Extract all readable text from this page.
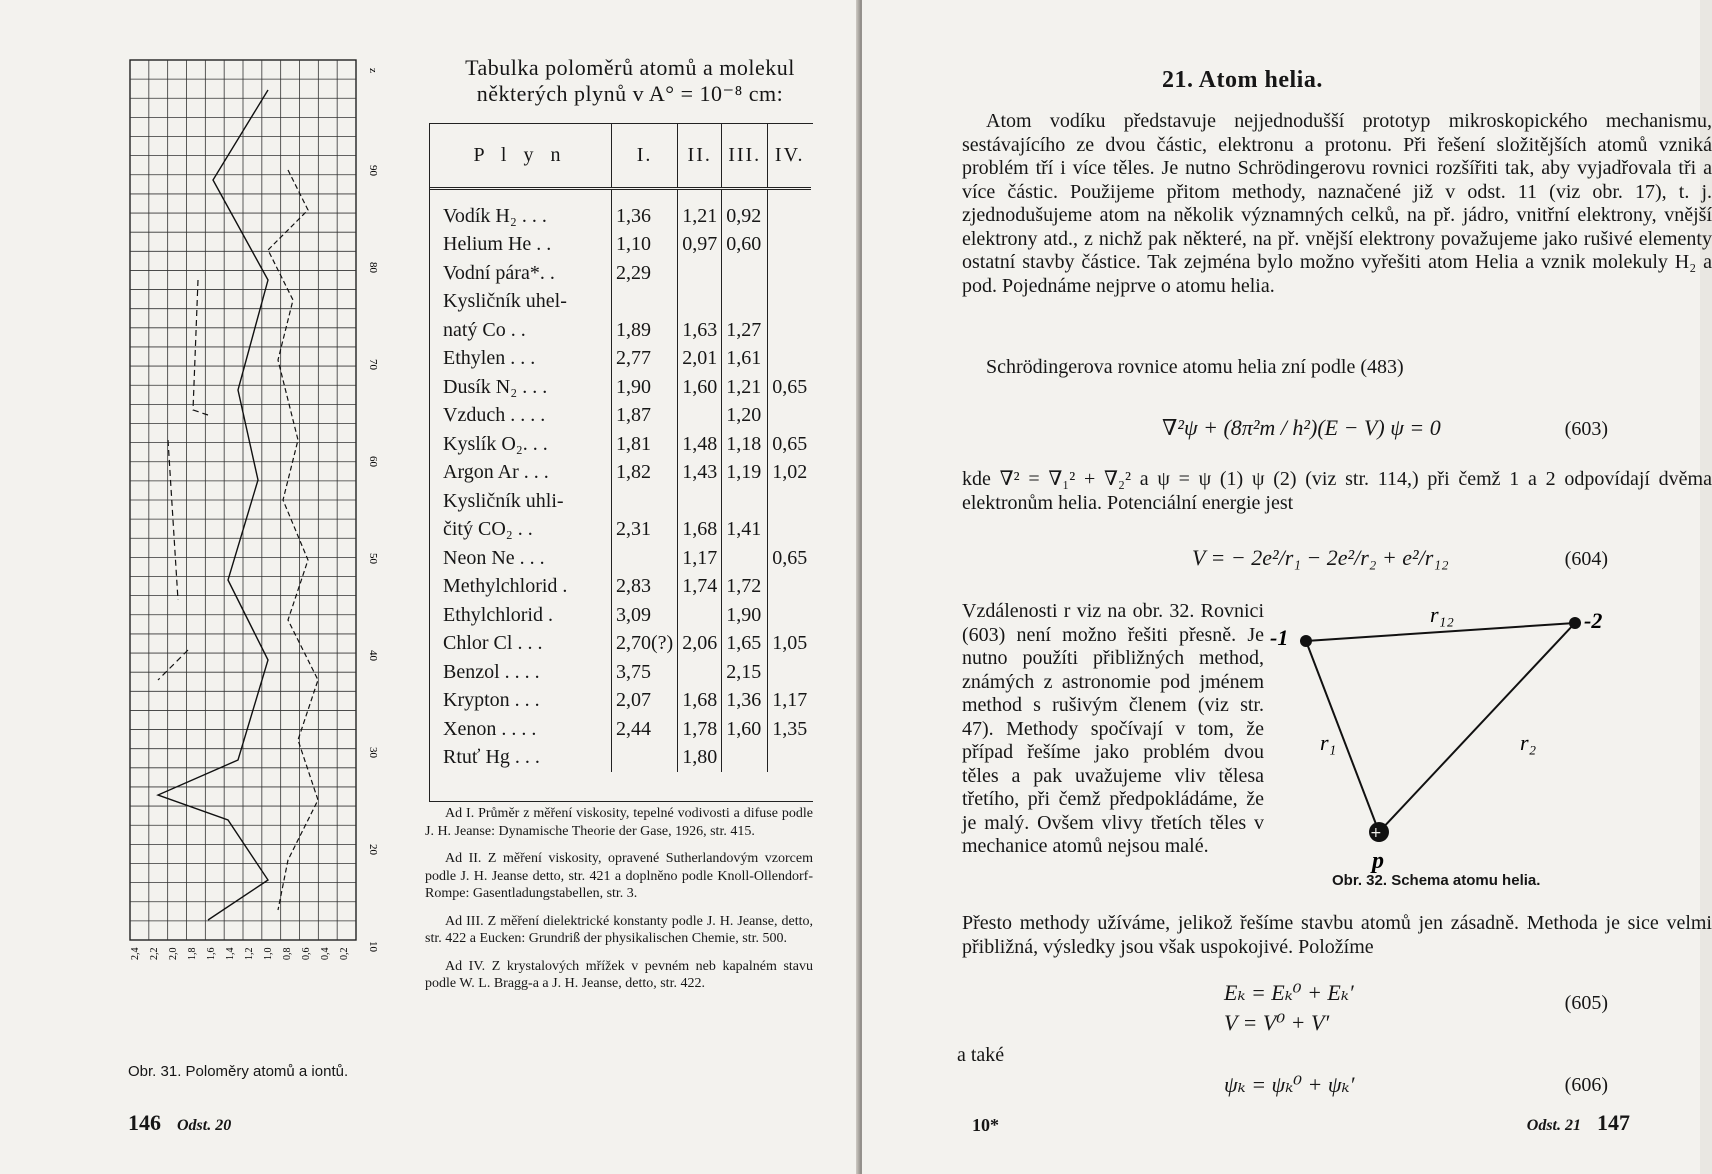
z
90
80
70
60
50
40
30
20
10
2,4 2,2 2,0 1,8 1,6 1,4 1,2 1,0 0,8 0,6 0,4 0,2
Obr. 31. Poloměry atomů a iontů.
Tabulka poloměrů atomů a molekul
některých plynů v A° = 10⁻⁸ cm:
P l y n	I.	II.	III.	IV.

Vodík H₂ . . .	1,36	1,21	0,92	
Helium He . .	1,10	0,97	0,60	
Vodní pára*. .	2,29			
Kysličník uhel-				
natý Co . .	1,89	1,63	1,27	
Ethylen . . .	2,77	2,01	1,61	
Dusík N₂ . . .	1,90	1,60	1,21	0,65
Vzduch . . . .	1,87		1,20	
Kyslík O₂. . .	1,81	1,48	1,18	0,65
Argon Ar . . .	1,82	1,43	1,19	1,02
Kysličník uhli-				
čitý CO₂ . .	2,31	1,68	1,41	
Neon Ne . . .		1,17		0,65
Methylchlorid .	2,83	1,74	1,72	
Ethylchlorid .	3,09		1,90	
Chlor Cl . . .	2,70(?)	2,06	1,65	1,05
Benzol . . . .	3,75		2,15	
Krypton . . .	2,07	1,68	1,36	1,17
Xenon . . . .	2,44	1,78	1,60	1,35
Rtuť Hg . . .		1,80		

Ad I. Průměr z měření viskosity, tepelné vodivosti a difuse podle J. H. Jeanse: Dynamische Theorie der Gase, 1926, str. 415.

Ad II. Z měření viskosity, opravené Sutherlandovým vzorcem podle J. H. Jeanse detto, str. 421 a doplněno podle Knoll-Ollendorf-Rompe: Gasentladungstabellen, str. 3.

Ad III. Z měření dielektrické konstanty podle J. H. Jeanse, detto, str. 422 a Eucken: Grundriß der physikalischen Chemie, str. 500.

Ad IV. Z krystalových mřížek v pevném neb kapalném stavu podle W. L. Bragg-a a J. H. Jeanse, detto, str. 422.

146 Odst. 20
21. Atom helia.
Atom vodíku představuje nejjednodušší prototyp mikroskopického mechanismu, sestávajícího ze dvou částic, elektronu a protonu. Při řešení složitějších atomů vzniká problém tří i více těles. Je nutno Schrödingerovu rovnici rozšířiti tak, aby vyjadřovala tři a více částic. Použijeme přitom methody, naznačené již v odst. 11 (viz obr. 17), t. j. zjednodušujeme atom na několik významných celků, na př. jádro, vnitřní elektrony, vnější elektrony atd., z nichž pak některé, na př. vnější elektrony považujeme jako rušivé elementy ostatní stavby částice. Tak zejména bylo možno vyřešiti atom Helia a vznik molekuly H₂ a pod. Pojednáme nejprve o atomu helia.
Schrödingerova rovnice atomu helia zní podle (483)
∇²ψ + (8π²m / h²)(E − V) ψ = 0	(603)
kde ∇² = ∇₁² + ∇₂² a ψ = ψ (1) ψ (2) (viz str. 114,) při čemž 1 a 2 odpovídají dvěma elektronům helia. Potenciální energie jest
V = − 2e²/r₁ − 2e²/r₂ + e²/r₁₂	(604)
Vzdálenosti r viz na obr. 32. Rovnici (603) není možno řešiti přesně. Je nutno použíti přibližných method, známých z astronomie pod jménem method s rušivým členem (viz str. 47). Methody spočívají v tom, že případ řešíme jako problém dvou těles a pak uvažujeme vliv tělesa třetího, při čemž předpokládáme, že je malý. Ovšem vlivy třetích těles v mechanice atomů nejsou malé.
+
-1
-2
r₁₂
r₁	r₂
p
Obr. 32. Schema atomu helia.
Přesto methody užíváme, jelikož řešíme stavbu atomů jen zásadně. Methoda je sice velmi přibližná, výsledky jsou však uspokojivé. Položíme
Eₖ = Eₖ⁰ + Eₖ′
V = V⁰ + V′
(605)
a také
ψₖ = ψₖ⁰ + ψₖ′	(606)
10*	Odst. 21 147
